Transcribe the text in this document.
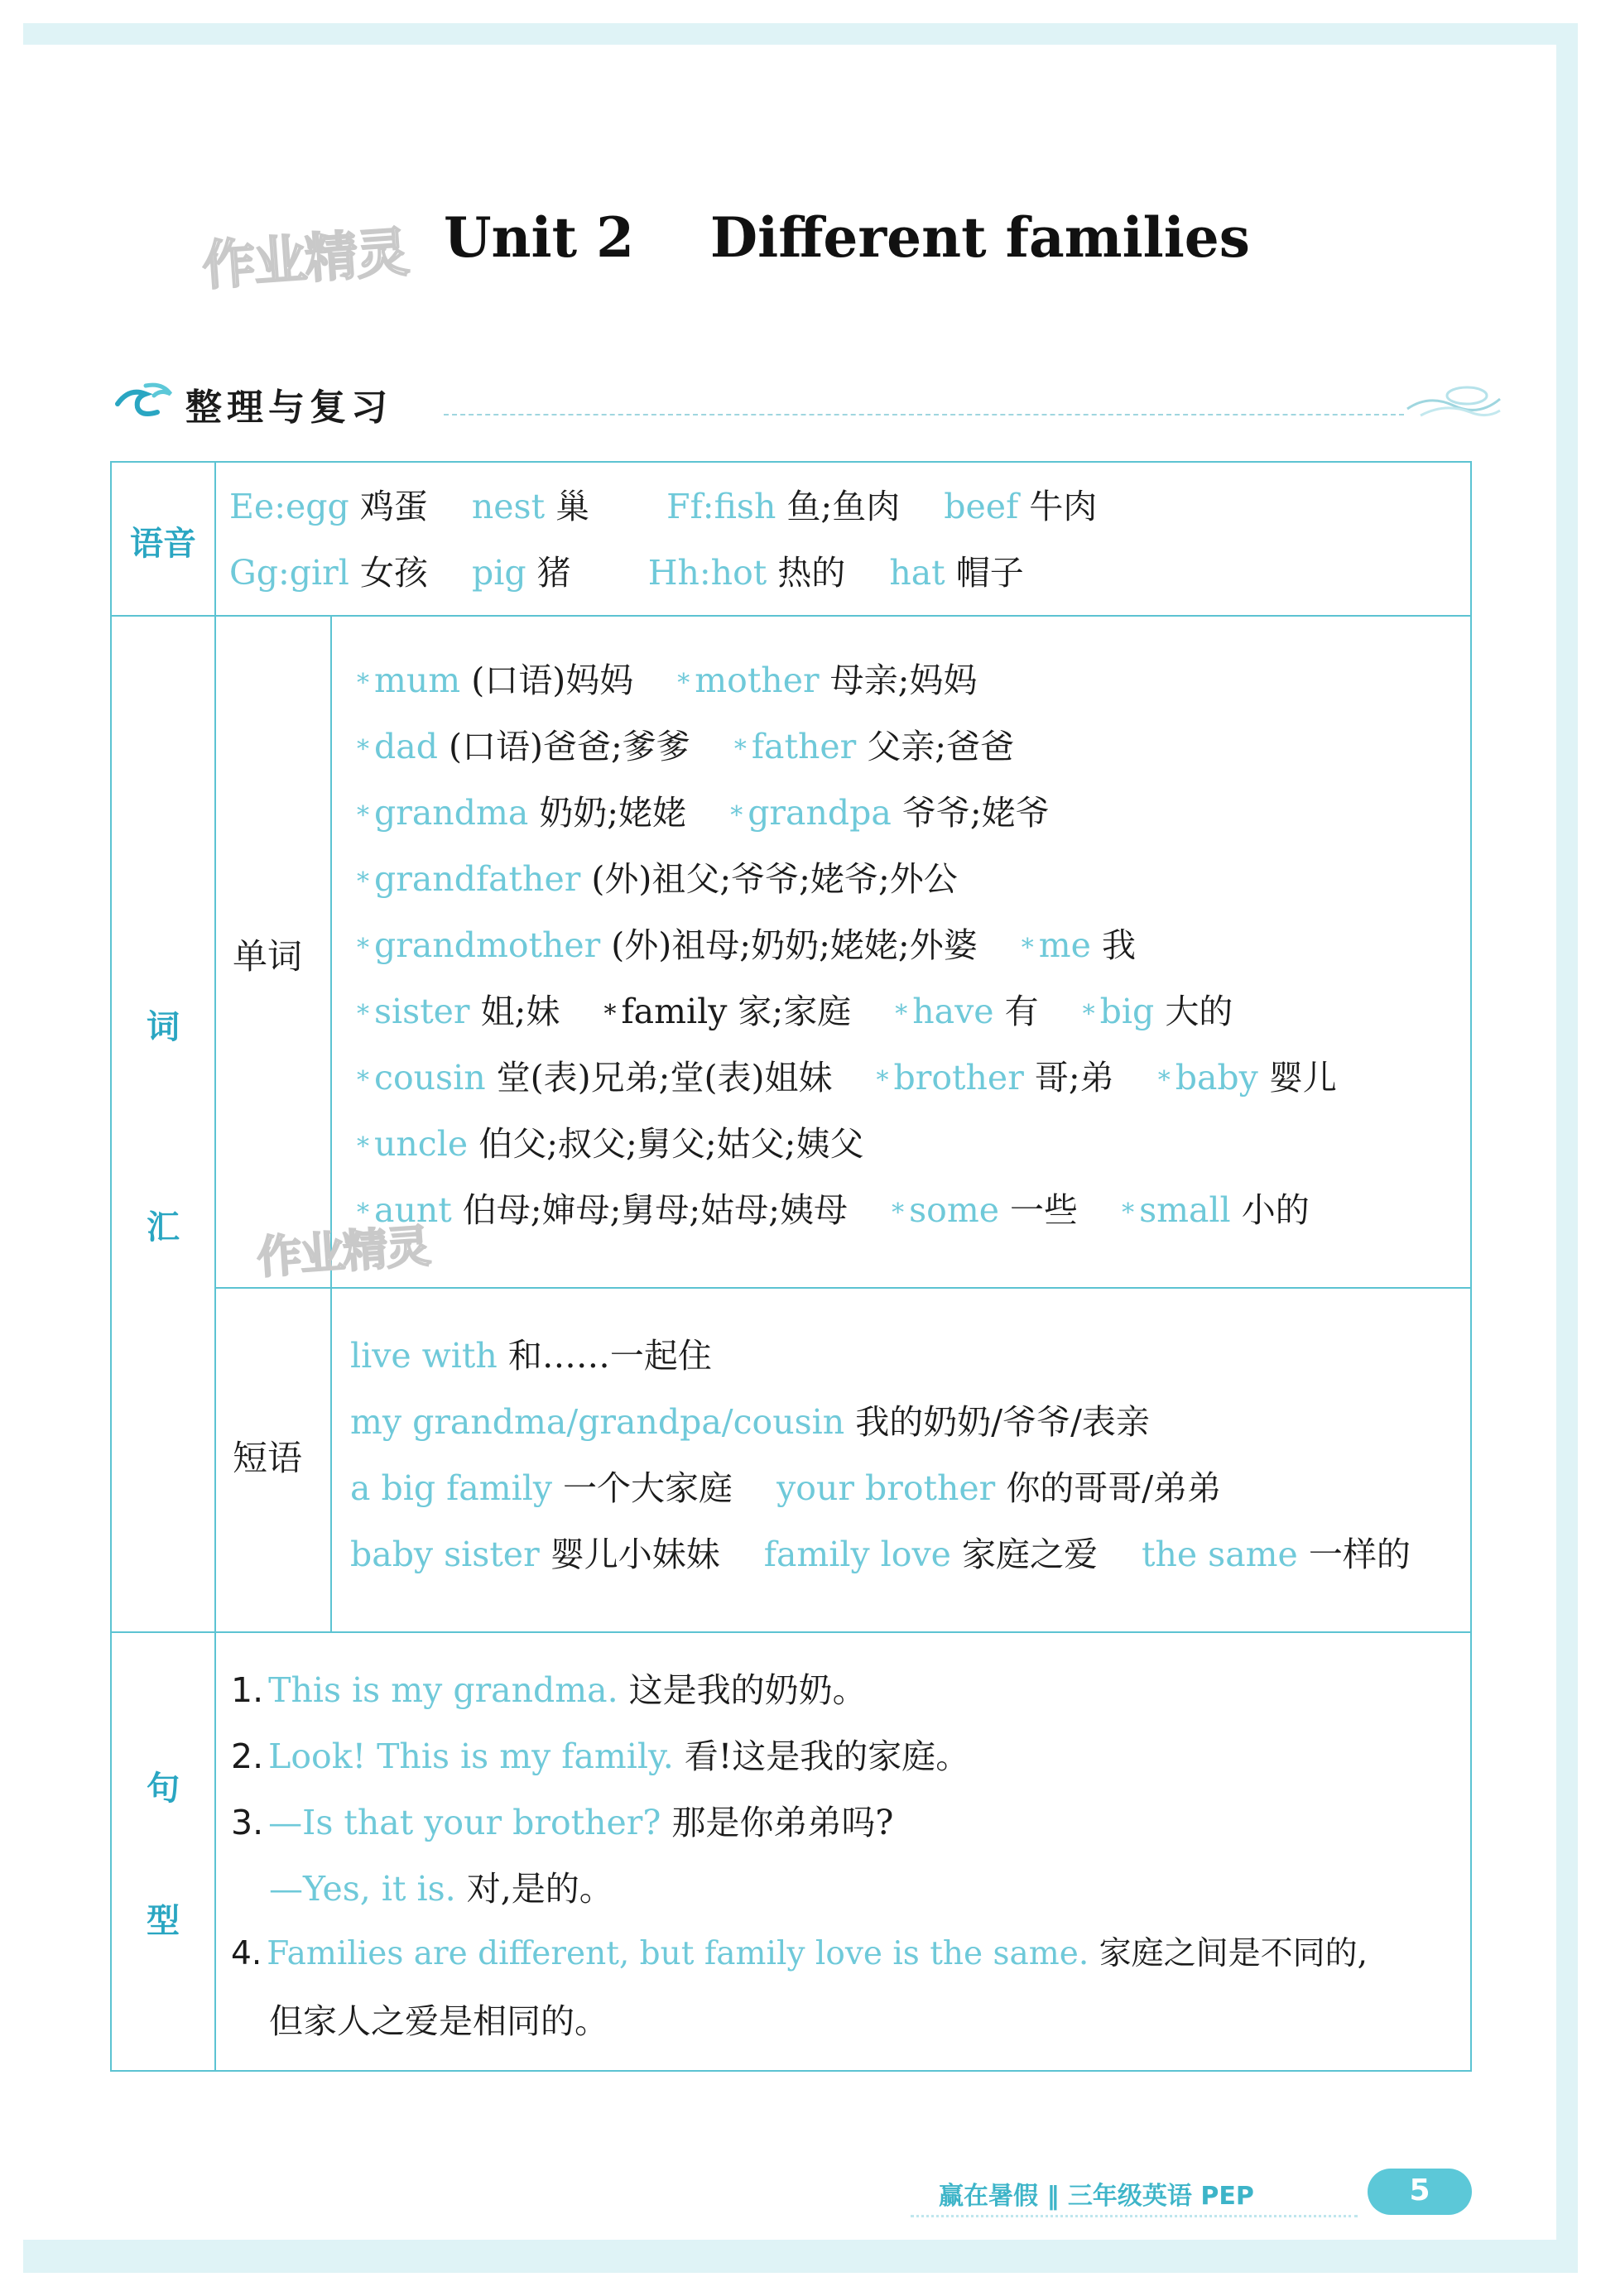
作业精灵 Unit 2    Different families
整理与复习
语音
Ee:egg 鸡蛋 nest 巢 Ff:fish 鱼;鱼肉 beef 牛肉
Gg:girl 女孩 pig 猪 Hh:hot 热的 hat 帽子
词
汇
单词
短语
* mum (口语)妈妈 * mother 母亲;妈妈
* dad (口语)爸爸;爹爹 * father 父亲;爸爸
* grandma 奶奶;姥姥 * grandpa 爷爷;姥爷
* grandfather (外)祖父;爷爷;姥爷;外公
* grandmother (外)祖母;奶奶;姥姥;外婆 * me 我
* sister 姐;妹 * family 家;家庭 * have 有 * big 大的
* cousin 堂(表)兄弟;堂(表)姐妹 * brother 哥;弟 * baby 婴儿
* uncle 伯父;叔父;舅父;姑父;姨父
* aunt 伯母;婶母;舅母;姑母;姨母 * some 一些 * small 小的
live with 和……一起住
my grandma/grandpa/cousin 我的奶奶/爷爷/表亲
a big family 一个大家庭 your brother 你的哥哥/弟弟
baby sister 婴儿小妹妹 family love 家庭之爱 the same 一样的
句
型
1. This is my grandma. 这是我的奶奶。
2. Look! This is my family. 看!这是我的家庭。
3. —Is that your brother? 那是你弟弟吗?
—Yes, it is. 对,是的。
4. Families are different, but family love is the same. 家庭之间是不同的,
但家人之爱是相同的。
作业精灵
赢在暑假 ‖ 三年级英语 PEP	5
